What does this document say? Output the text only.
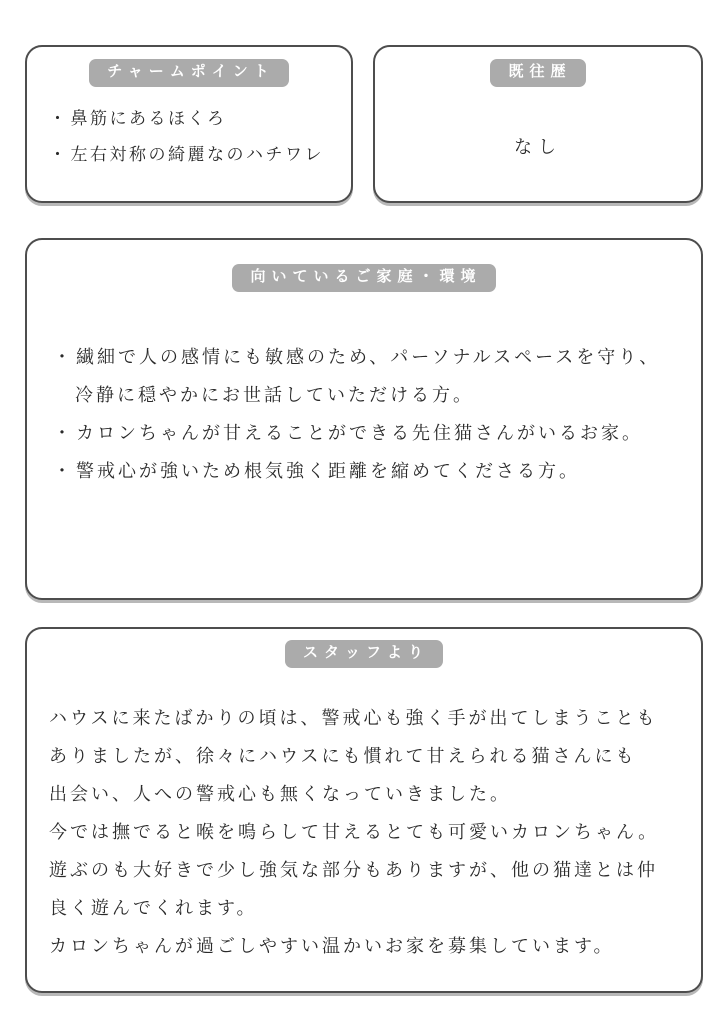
チャームポイント
・ 鼻筋にあるほくろ
・ 左右対称の綺麗なのハチワレ
既往歴
なし
向いているご家庭・環境
・ 繊細で人の感情にも敏感のため、パーソナルスペースを守り、冷静に穏やかにお世話していただける方。
・ カロンちゃんが甘えることができる先住猫さんがいるお家。
・ 警戒心が強いため根気強く距離を縮めてくださる方。
スタッフより
ハウスに来たばかりの頃は、警戒心も強く手が出てしまうことも
ありましたが、徐々にハウスにも慣れて甘えられる猫さんにも
出会い、人への警戒心も無くなっていきました。
今では撫でると喉を鳴らして甘えるとても可愛いカロンちゃん。
遊ぶのも大好きで少し強気な部分もありますが、他の猫達とは仲
良く遊んでくれます。
カロンちゃんが過ごしやすい温かいお家を募集しています。
